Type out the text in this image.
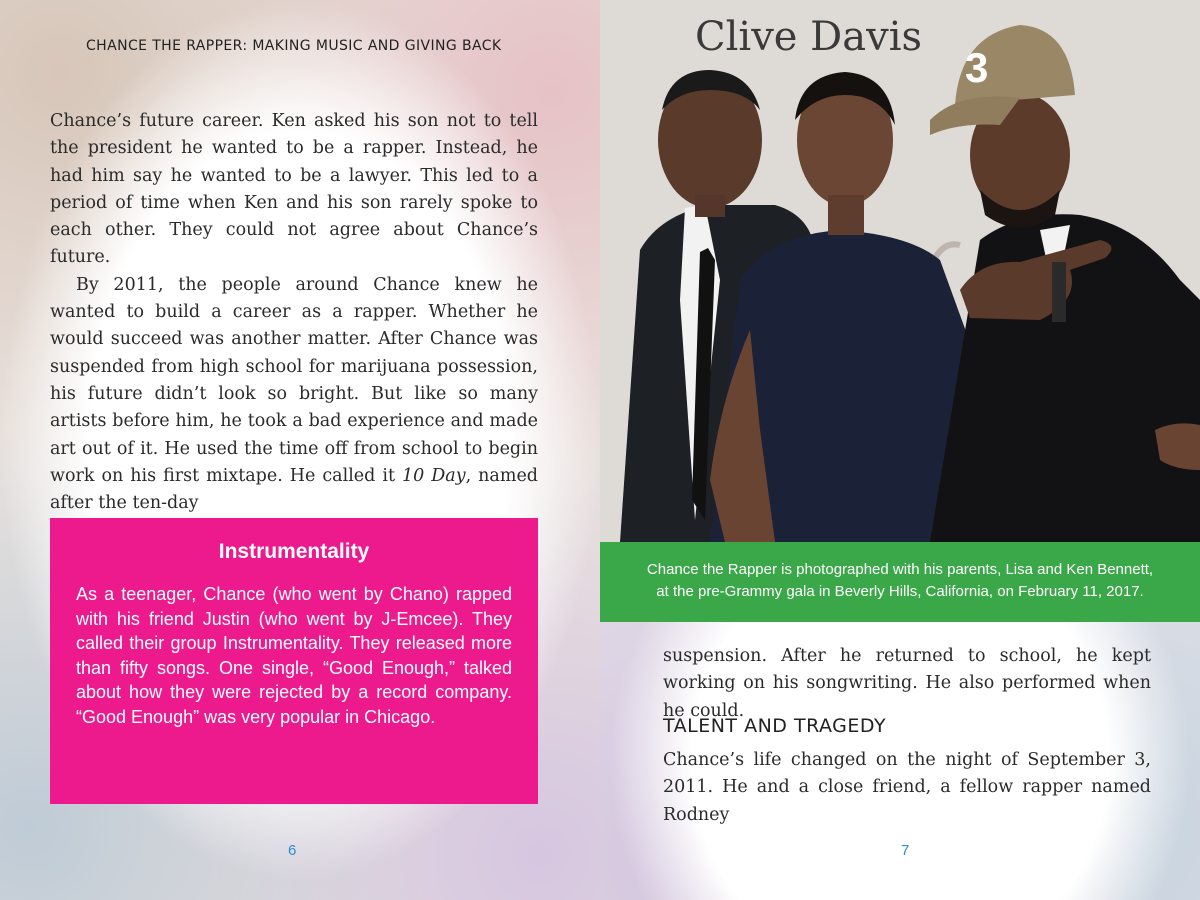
CHANCE THE RAPPER: MAKING MUSIC AND GIVING BACK

Chance’s future career. Ken asked his son not to tell the president he wanted to be a rapper. Instead, he had him say he wanted to be a lawyer. This led to a period of time when Ken and his son rarely spoke to each other. They could not agree about Chance’s future.

By 2011, the people around Chance knew he wanted to build a career as a rapper. Whether he would succeed was another matter. After Chance was suspended from high school for marijuana possession, his future didn’t look so bright. But like so many artists before him, he took a bad experience and made art out of it. He used the time off from school to begin work on his first mixtape. He called it 10 Day, named after the ten-day

Instrumentality

As a teenager, Chance (who went by Chano) rapped with his friend Justin (who went by J-Emcee). They called their group Instrumentality. They released more than fifty songs. One single, “Good Enough,” talked about how they were rejected by a record company. “Good Enough” was very popular in Chicago.

6
Clive Davis
3
Chance the Rapper is photographed with his parents, Lisa and Ken Bennett,
at the pre-Grammy gala in Beverly Hills, California, on February 11, 2017.

suspension. After he returned to school, he kept working on his songwriting. He also performed when he could.

TALENT AND TRAGEDY

Chance’s life changed on the night of September 3, 2011. He and a close friend, a fellow rapper named Rodney

7
